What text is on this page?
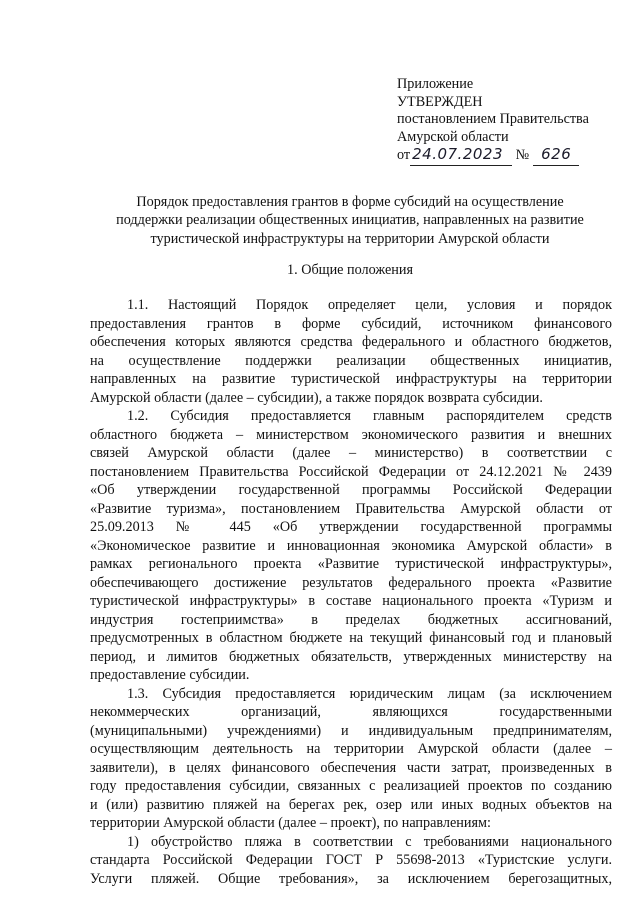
Приложение
УТВЕРЖДЕН
постановлением Правительства
Амурской области
от 24.07.2023 № 626
Порядок предоставления грантов в форме субсидий на осуществление
поддержки реализации общественных инициатив, направленных на развитие
туристической инфраструктуры на территории Амурской области
1. Общие положения

1.1. Настоящий Порядок определяет цели, условия и порядок
предоставления грантов в форме субсидий, источником финансового
обеспечения которых являются средства федерального и областного бюджетов,
на осуществление поддержки реализации общественных инициатив,
направленных на развитие туристической инфраструктуры на территории
Амурской области (далее – субсидии), а также порядок возврата субсидии.

1.2. Субсидия предоставляется главным распорядителем средств
областного бюджета – министерством экономического развития и внешних
связей Амурской области (далее – министерство) в соответствии с
постановлением Правительства Российской Федерации от 24.12.2021 № 2439
«Об утверждении государственной программы Российской Федерации
«Развитие туризма», постановлением Правительства Амурской области от
25.09.2013 № 445 «Об утверждении государственной программы
«Экономическое развитие и инновационная экономика Амурской области» в
рамках регионального проекта «Развитие туристической инфраструктуры»,
обеспечивающего достижение результатов федерального проекта «Развитие
туристической инфраструктуры» в составе национального проекта «Туризм и
индустрия гостеприимства» в пределах бюджетных ассигнований,
предусмотренных в областном бюджете на текущий финансовый год и плановый
период, и лимитов бюджетных обязательств, утвержденных министерству на
предоставление субсидии.

1.3. Субсидия предоставляется юридическим лицам (за исключением
некоммерческих организаций, являющихся государственными
(муниципальными) учреждениями) и индивидуальным предпринимателям,
осуществляющим деятельность на территории Амурской области (далее –
заявители), в целях финансового обеспечения части затрат, произведенных в
году предоставления субсидии, связанных с реализацией проектов по созданию
и (или) развитию пляжей на берегах рек, озер или иных водных объектов на
территории Амурской области (далее – проект), по направлениям:

1) обустройство пляжа в соответствии с требованиями национального
стандарта Российской Федерации ГОСТ Р 55698-2013 «Туристские услуги.
Услуги пляжей. Общие требования», за исключением берегозащитных,
